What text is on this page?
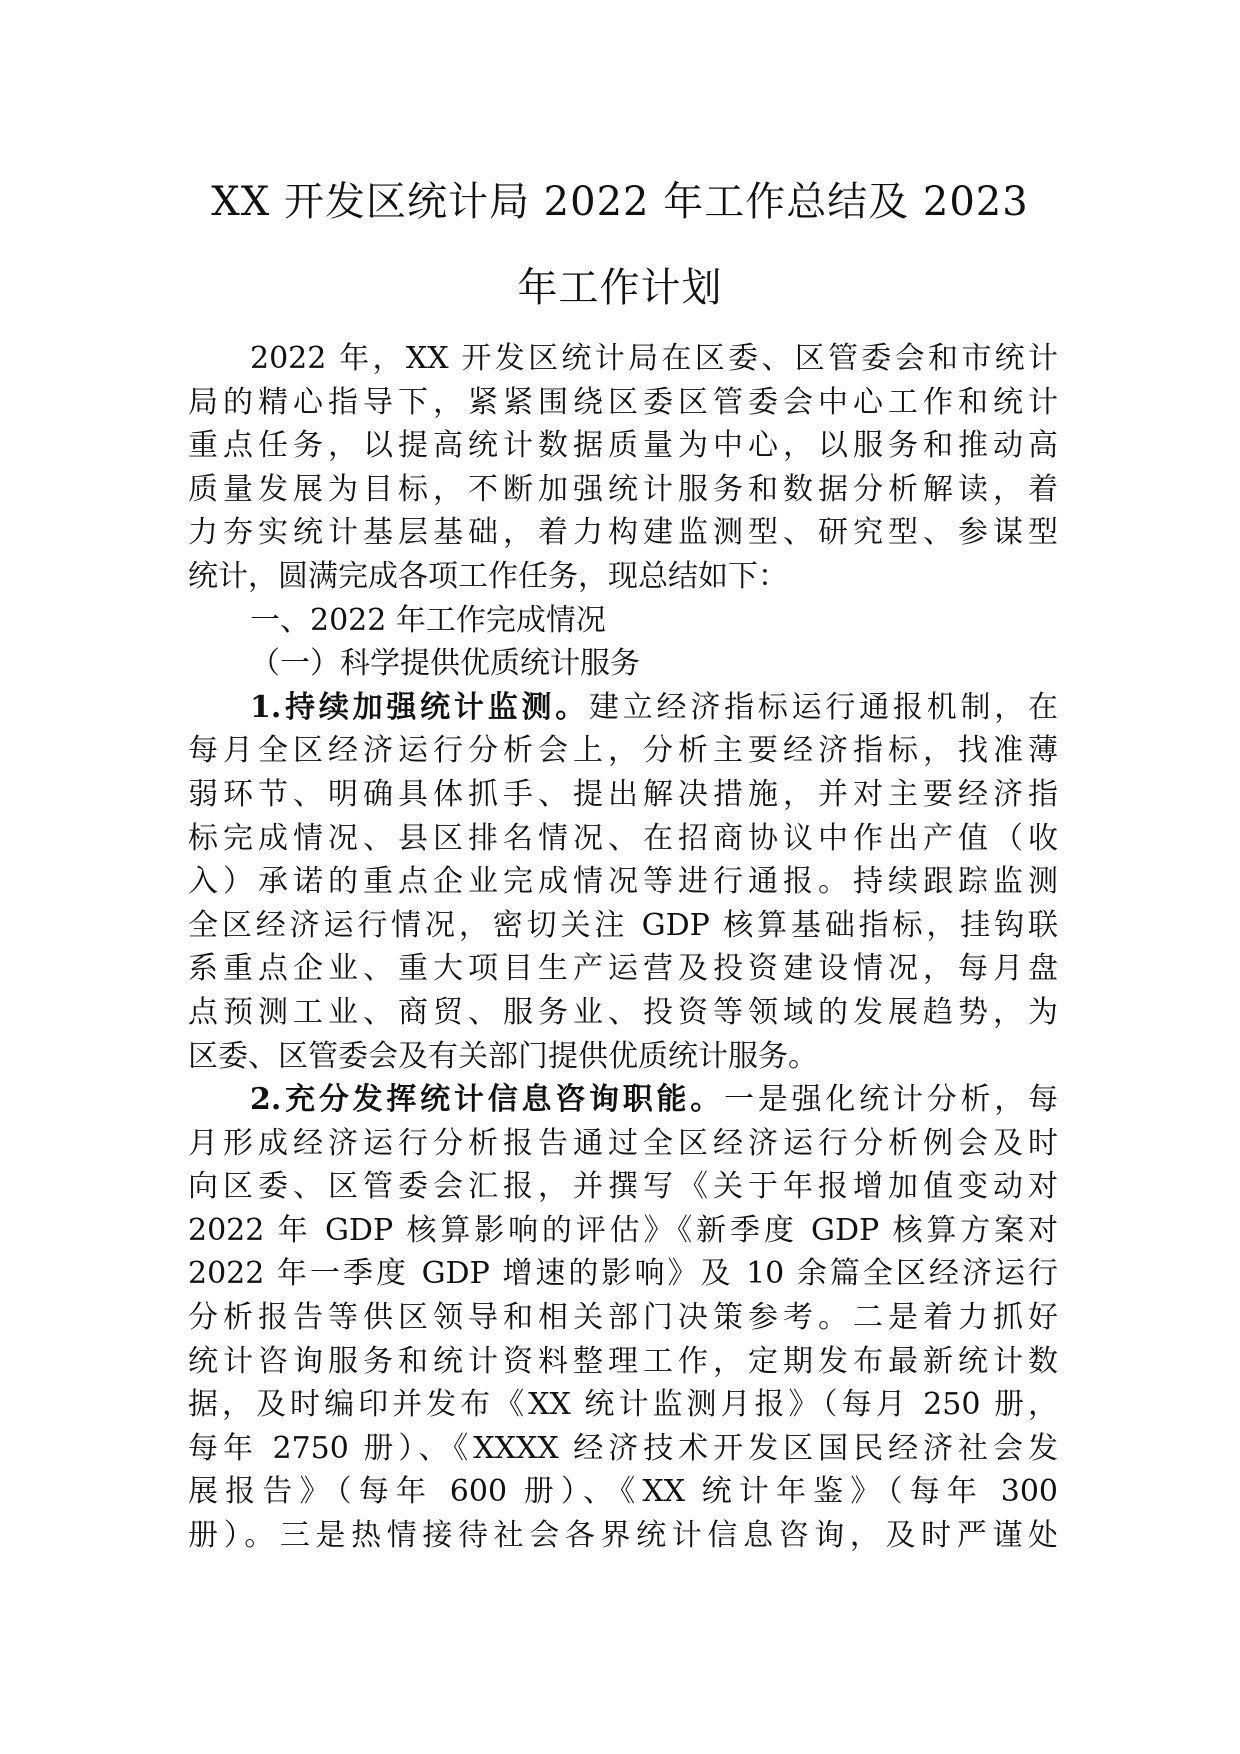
XX 开发区统计局 2022 年工作总结及 2023
年工作计划
2022 年，XX 开发区统计局在区委、区管委会和市统计
局的精心指导下，紧紧围绕区委区管委会中心工作和统计
重点任务，以提高统计数据质量为中心，以服务和推动高
质量发展为目标，不断加强统计服务和数据分析解读，着
力夯实统计基层基础，着力构建监测型、研究型、参谋型
统计，圆满完成各项工作任务，现总结如下：
一、2022 年工作完成情况
（一）科学提供优质统计服务
1.持续加强统计监测。建立经济指标运行通报机制，在
每月全区经济运行分析会上，分析主要经济指标，找准薄
弱环节、明确具体抓手、提出解决措施，并对主要经济指
标完成情况、县区排名情况、在招商协议中作出产值（收
入）承诺的重点企业完成情况等进行通报。持续跟踪监测
全区经济运行情况，密切关注 GDP 核算基础指标，挂钩联
系重点企业、重大项目生产运营及投资建设情况，每月盘
点预测工业、商贸、服务业、投资等领域的发展趋势，为
区委、区管委会及有关部门提供优质统计服务。
2.充分发挥统计信息咨询职能。一是强化统计分析，每
月形成经济运行分析报告通过全区经济运行分析例会及时
向区委、区管委会汇报，并撰写《关于年报增加值变动对
2022 年 GDP 核算影响的评估》《新季度 GDP 核算方案对
2022 年一季度 GDP 增速的影响》及 10 余篇全区经济运行
分析报告等供区领导和相关部门决策参考。二是着力抓好
统计咨询服务和统计资料整理工作，定期发布最新统计数
据，及时编印并发布《XX 统计监测月报》（每月 250 册，
每年 2750 册）、《XXXX 经济技术开发区国民经济社会发
展报告》（每年 600 册）、《XX 统计年鉴》（每年 300
册）。三是热情接待社会各界统计信息咨询，及时严谨处
